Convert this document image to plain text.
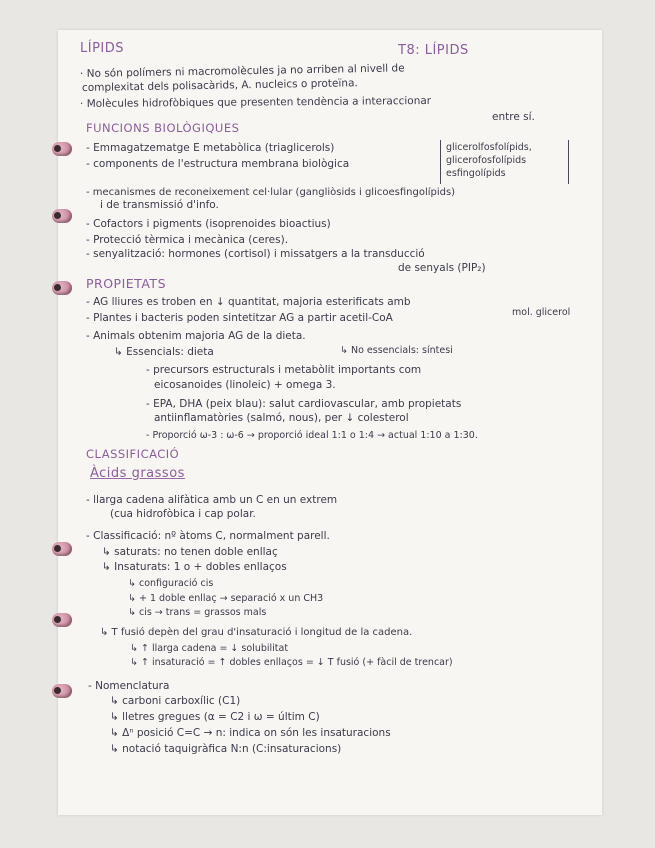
LÍPIDS	T8: LÍPIDS
· No són polímers ni macromolècules ja no arriben al nivell de
complexitat dels polisacàrids, A. nucleics o proteïna.
· Molècules hidrofòbiques que presenten tendència a interaccionar
entre sí.
FUNCIONS BIOLÒGIQUES
- Emmagatzematge E metabòlica (triaglicerols)
- components de l'estructura membrana biològica
glicerolfosfolípids,
glicerofosfolípids
esfingolípids
- mecanismes de reconeixement cel·lular (gangliòsids i glicoesfingolípids)
i de transmissió d'info.
- Cofactors i pigments (isoprenoides bioactius)
- Protecció tèrmica i mecànica (ceres).
- senyalització: hormones (cortisol) i missatgers a la transducció
de senyals (PIP₂)
PROPIETATS
- AG lliures es troben en ↓ quantitat, majoria esterificats amb
- Plantes i bacteris poden sintetitzar AG a partir acetil-CoA	mol. glicerol
- Animals obtenim majoria AG de la dieta.
↳ Essencials: dieta	↳ No essencials: síntesi
- precursors estructurals i metabòlit importants com
eicosanoides (linoleic) + omega 3.
- EPA, DHA (peix blau): salut cardiovascular, amb propietats
antiinflamatòries (salmó, nous), per ↓ colesterol
- Proporció ω-3 : ω-6 → proporció ideal 1:1 o 1:4 → actual 1:10 a 1:30.
CLASSIFICACIÓ
Àcids grassos
- llarga cadena alifàtica amb un C en un extrem
(cua hidrofòbica i cap polar.
- Classificació: nº àtoms C, normalment parell.
↳ saturats: no tenen doble enllaç
↳ Insaturats: 1 o + dobles enllaços
↳ configuració cis
↳ + 1 doble enllaç → separació x un CH3
↳ cis → trans = grassos mals
↳ T fusió depèn del grau d'insaturació i longitud de la cadena.
↳ ↑ llarga cadena = ↓ solubilitat
↳ ↑ insaturació = ↑ dobles enllaços = ↓ T fusió (+ fàcil de trencar)
- Nomenclatura
↳ carboni carboxílic (C1)
↳ lletres gregues (α = C2 i ω = últim C)
↳ Δⁿ posició C=C → n: indica on són les insaturacions
↳ notació taquigràfica N:n (C:insaturacions)
